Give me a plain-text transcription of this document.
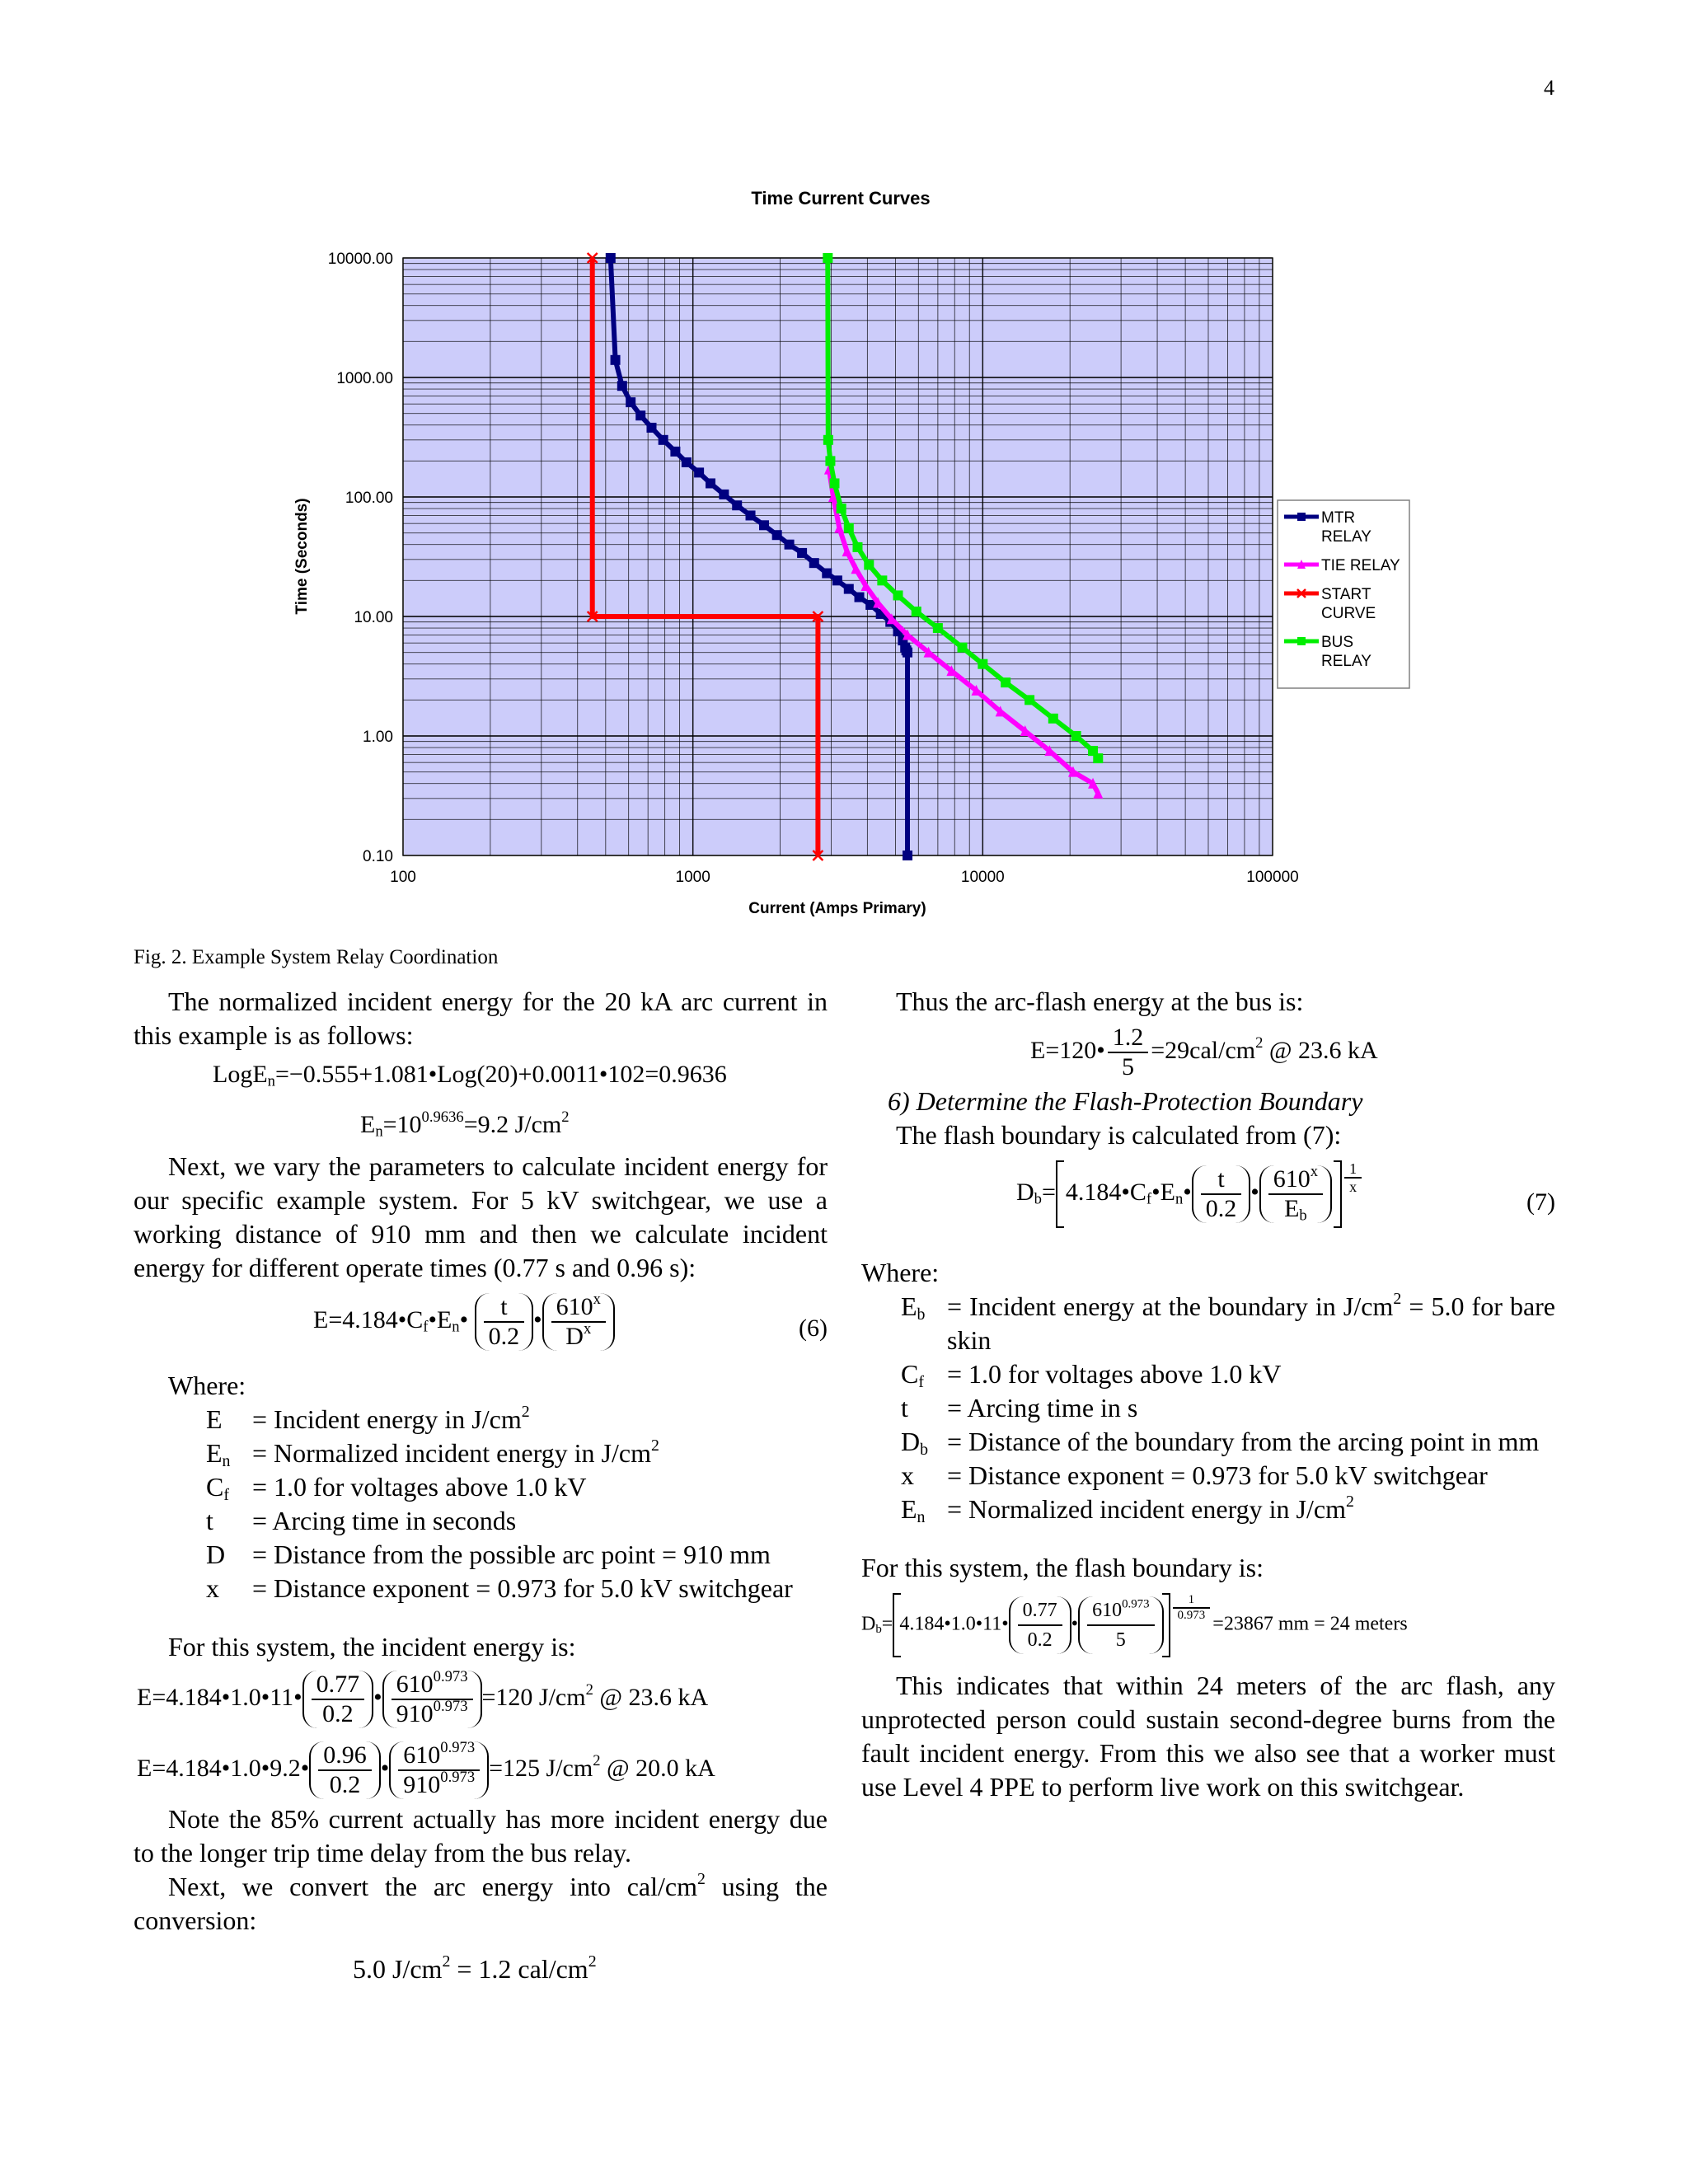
4
Time Current Curves
10000.00
1000.00
100.00
10.00
1.00
0.10
100	1000	10000	100000
Current (Amps Primary)
Time (Seconds)	MTR
RELAY
TIE RELAY
START
CURVE
BUS
RELAY
Fig. 2. Example System Relay Coordination

The normalized incident energy for the 20 kA arc current in this example is as follows:

LogE$_n$=−0.555+1.081•Log(20)+0.0011•102=0.9636
$E_n=10^{0.9636}=9.2$ $J/cm^2$

Next, we vary the parameters to calculate incident energy for our specific example system. For 5 kV switchgear, we use a working distance of 910 mm and then we calculate incident energy for different operate times (0.77 s and 0.96 s):

$E=4.184•C_f•E_n• \frac{t}{0.2}$ • $\frac{610^x}{D^x}$	(6)
Where:
E	= Incident energy in $J/cm^2$
$E_n$	= Normalized incident energy in $J/cm^2$
$C_f$	= 1.0 for voltages above 1.0 kV
t	= Arcing time in seconds
D	= Distance from the possible arc point = 910 mm
x	= Distance exponent = 0.973 for 5.0 kV switchgear

For this system, the incident energy is:

E=4.184•1.0•11• $\frac{0.77}{0.2}$ • $\frac{610^{0.973}}{910^{0.973}} =120$ $J/cm^2$ @ 23.6 kA
E=4.184•1.0•9.2• $\frac{0.96}{0.2}$ • $\frac{610^{0.973}}{910^{0.973}} =125$ $J/cm^2$ @ 20.0 kA

Note the 85% current actually has more incident energy due to the longer trip time delay from the bus relay.

Next, we convert the arc energy into cal/$cm^2$ using the conversion:

5.0 $J/cm^2 = 1.2$ cal/$cm^2$

Thus the arc-flash energy at the bus is:

E=120• $\frac{1.2}{5} =29cal/cm^2$ @ 23.6 kA
6) Determine the Flash-Protection Boundary

The flash boundary is calculated from (7):

$D_b=$ $4.184•C_f•E_n• \frac{t}{0.2}$ • $\frac{610^x}{E_b} \frac{1}{x}$
(7)
Where:
$E_b$	= Incident energy at the boundary in $J/cm^2 = 5.0$ for bare skin
$C_f$	= 1.0 for voltages above 1.0 kV
t	= Arcing time in s
$D_b$	= Distance of the boundary from the arcing point in mm
x	= Distance exponent = 0.973 for 5.0 kV switchgear
$E_n$	= Normalized incident energy in $J/cm^2$

For this system, the flash boundary is:

$D_b=$ 4.184•1.0•11• $\frac{0.77}{0.2}$ • $\frac{610^{0.973}}{5} \frac{1}{0.973}$
=23867 mm = 24 meters

This indicates that within 24 meters of the arc flash, any unprotected person could sustain second-degree burns from the fault incident energy. From this we also see that a worker must use Level 4 PPE to perform live work on this switchgear.
